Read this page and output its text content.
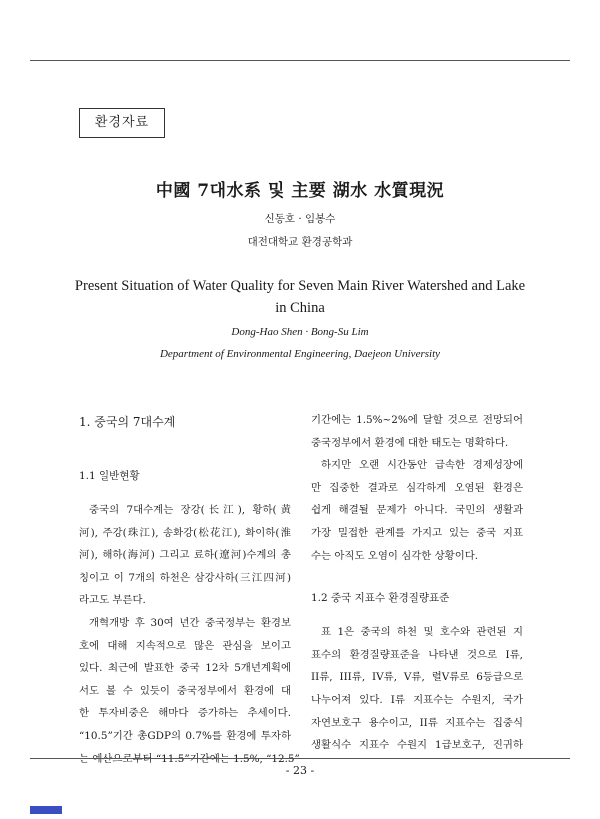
환경자료
中國 7대水系 및 主要 湖水 水質現況
신동호 · 임봉수
대전대학교 환경공학과
Present Situation of Water Quality for Seven Main River Watershed and Lake in China
Dong-Hao Shen · Bong-Su Lim
Department of Environmental Engineering, Daejeon University
1. 중국의 7대수계
1.1 일반현황
중국의 7대수계는 장강(长江), 황하(黄
河), 주강(珠江), 송화강(松花江), 화이하(淮
河), 해하(海河) 그리고 료하(遼河)수계의 총
칭이고 이 7개의 하천은 삼강사하(三江四河)
라고도 부른다.
개혁개방 후 30여 년간 중국정부는 환경보
호에 대해 지속적으로 많은 관심을 보이고
있다. 최근에 발표한 중국 12차 5개년계획에
서도 볼 수 있듯이 중국정부에서 환경에 대
한 투자비중은 해마다 증가하는 추세이다.
“10.5”기간 총GDP의 0.7%를 환경에 투자하
기간에는 1.5%~2%에 달할 것으로 전망되어
중국정부에서 환경에 대한 태도는 명확하다.
하지만 오랜 시간동안 급속한 경제성장에
만 집중한 결과로 심각하게 오염된 환경은
쉽게 해결될 문제가 아니다. 국민의 생활과
가장 밀접한 관계를 가지고 있는 중국 지표
수는 아직도 오염이 심각한 상황이다.
1.2 중국 지표수 환경질량표준
표 1은 중국의 하천 및 호수와 관련된 지
표수의 환경질량표준을 나타낸 것으로 I류,
II류, III류, IV류, V류, 렬V류로 6등급으로
나누어져 있다. I류 지표수는 수원지, 국가
자연보호구 용수이고, II류 지표수는 집중식
생활식수 지표수 수원지 1급보호구, 진귀하
- 23 -
